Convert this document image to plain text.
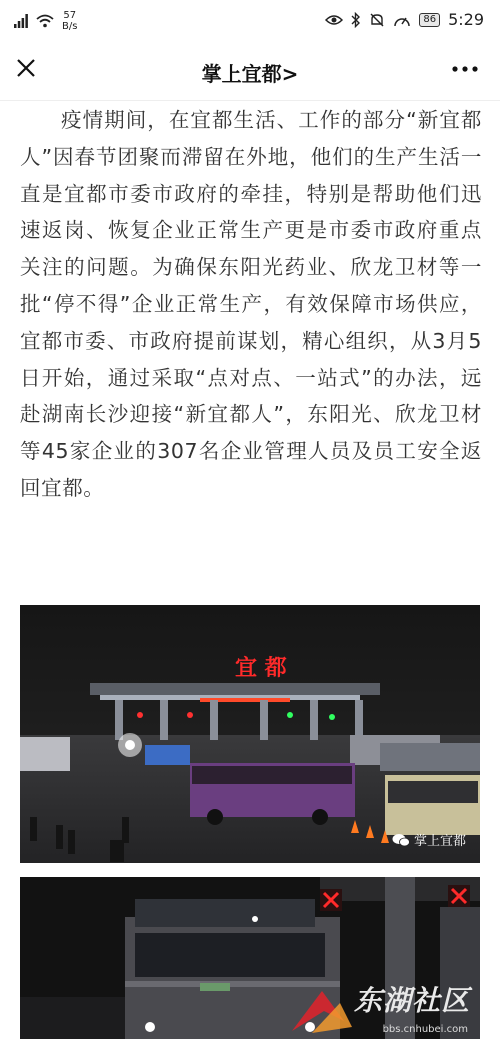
57
B/s
86 5:29
掌上宜都>

疫情期间，在宜都生活、工作的部分“新宜都人”因春节团聚而滞留在外地，他们的生产生活一直是宜都市委市政府的牵挂，特别是帮助他们迅速返岗、恢复企业正常生产更是市委市政府重点关注的问题。为确保东阳光药业、欣龙卫材等一批“停不得”企业正常生产，有效保障市场供应，宜都市委、市政府提前谋划，精心组织，从3月5日开始，通过采取“点对点、一站式”的办法，远赴湖南长沙迎接“新宜都人”，东阳光、欣龙卫材等45家企业的307名企业管理人员及员工安全返回宜都。

宜 都
掌上宜都
东湖社区
bbs.cnhubei.com
